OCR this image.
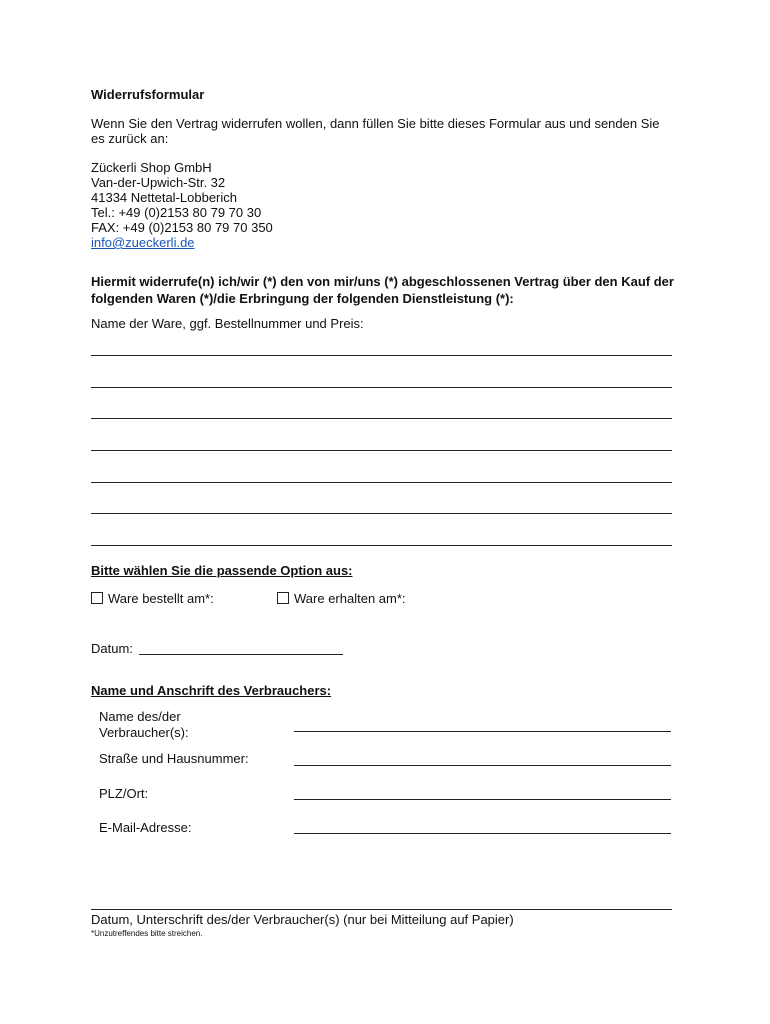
Widerrufsformular
Wenn Sie den Vertrag widerrufen wollen, dann füllen Sie bitte dieses Formular aus und senden Sie es zurück an:
Zückerli Shop GmbH
Van-der-Upwich-Str. 32
41334 Nettetal-Lobberich
Tel.: +49 (0)2153 80 79 70 30
FAX: +49 (0)2153 80 79 70 350
info@zueckerli.de
Hiermit widerrufe(n) ich/wir (*) den von mir/uns (*) abgeschlossenen Vertrag über den Kauf der folgenden Waren (*)/die Erbringung der folgenden Dienstleistung (*):
Name der Ware, ggf. Bestellnummer und Preis:
Bitte wählen Sie die passende Option aus:
Ware bestellt am*:	Ware erhalten am*:
Datum:
Name und Anschrift des Verbrauchers:
Name des/der
Verbraucher(s):
Straße und Hausnummer:
PLZ/Ort:
E-Mail-Adresse:
Datum, Unterschrift des/der Verbraucher(s) (nur bei Mitteilung auf Papier)
*Unzutreffendes bitte streichen.
